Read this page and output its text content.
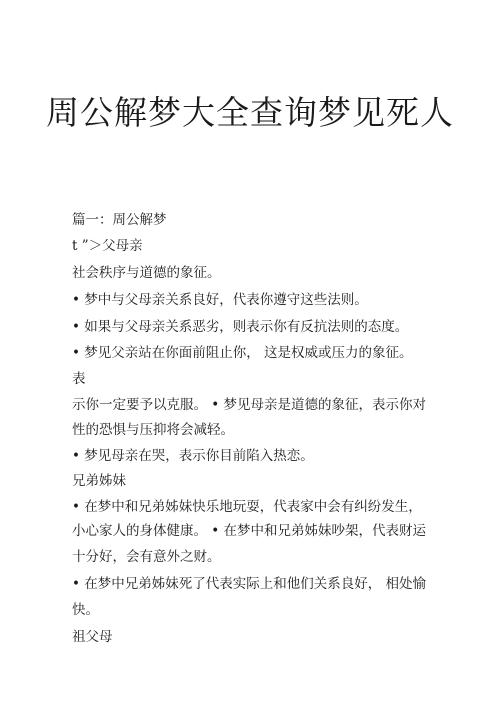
周公解梦大全查询梦见死人

篇一：周公解梦

t ”＞父母亲

社会秩序与道德的象征。

• 梦中与父母亲关系良好，代表你遵守这些法则。

• 如果与父母亲关系恶劣，则表示你有反抗法则的态度。

• 梦见父亲站在你面前阻止你， 这是权威或压力的象征。

表

示你一定要予以克服。 • 梦见母亲是道德的象征，表示你对

性的恐惧与压抑将会减轻。

• 梦见母亲在哭，表示你目前陷入热恋。

兄弟姊妹

• 在梦中和兄弟姊妹快乐地玩耍，代表家中会有纠纷发生，

小心家人的身体健康。 • 在梦中和兄弟姊妹吵架，代表财运

十分好，会有意外之财。

• 在梦中兄弟姊妹死了代表实际上和他们关系良好， 相处愉

快。

祖父母
